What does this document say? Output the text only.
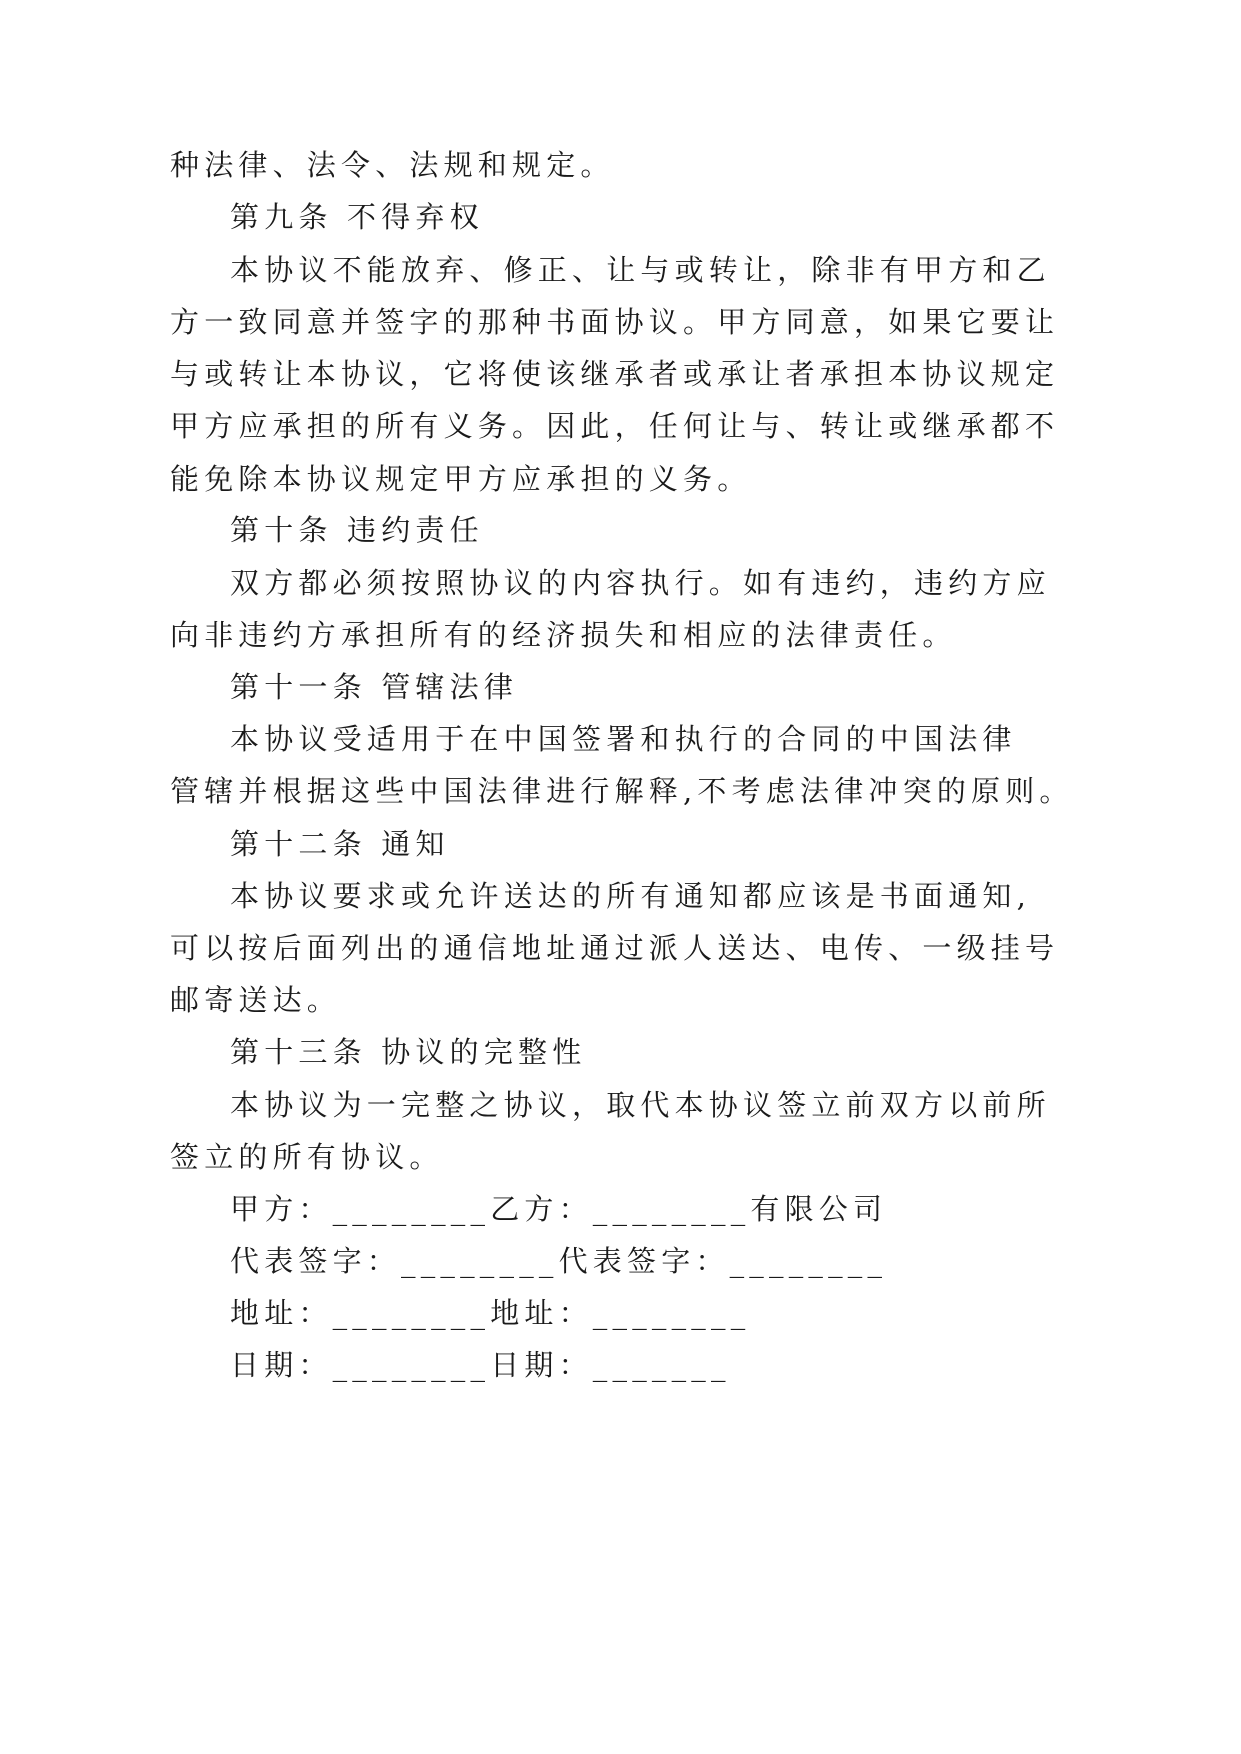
种法律、法令、法规和规定。

第九条 不得弃权

本协议不能放弃、修正、让与或转让，除非有甲方和乙

方一致同意并签字的那种书面协议。甲方同意，如果它要让

与或转让本协议，它将使该继承者或承让者承担本协议规定

甲方应承担的所有义务。因此，任何让与、转让或继承都不

能免除本协议规定甲方应承担的义务。

第十条 违约责任

双方都必须按照协议的内容执行。如有违约，违约方应

向非违约方承担所有的经济损失和相应的法律责任。

第十一条 管辖法律

本协议受适用于在中国签署和执行的合同的中国法律

管辖并根据这些中国法律进行解释,不考虑法律冲突的原则。

第十二条 通知

本协议要求或允许送达的所有通知都应该是书面通知,

可以按后面列出的通信地址通过派人送达、电传、一级挂号

邮寄送达。

第十三条 协议的完整性

本协议为一完整之协议，取代本协议签立前双方以前所

签立的所有协议。

甲方：________乙方：________有限公司

代表签字：________代表签字：________

地址：________地址：________

日期：________日期：_______
